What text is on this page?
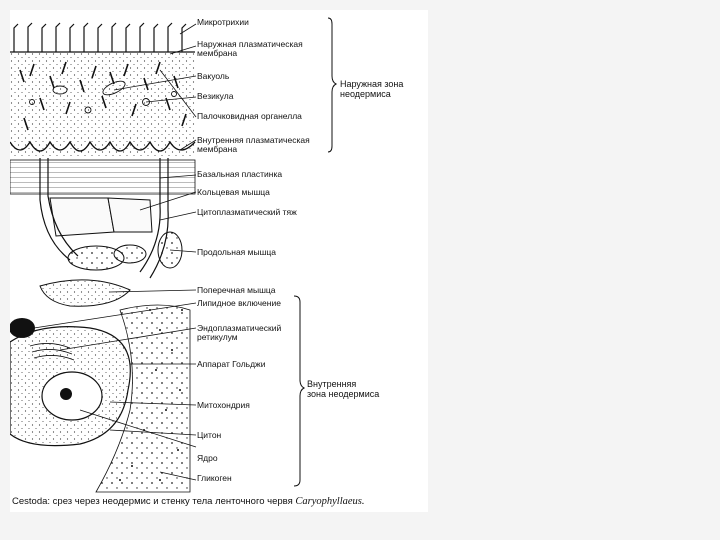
Микротрихии
Наружная плазматическая
мембрана
Вакуоль
Везикула
Палочковидная органелла
Внутренняя плазматическая
мембрана
Базальная пластинка
Кольцевая мышца
Цитоплазматический тяж
Продольная мышца
Поперечная мышца
Липидное включение
Эндоплазматический
ретикулум
Аппарат Гольджи
Митохондрия
Цитон
Ядро
Гликоген
Наружная зона
неодермиса
Внутренняя
зона неодермиса
Cestoda: срез через неодермис и стенку тела ленточного червя Caryophyllaeus.
